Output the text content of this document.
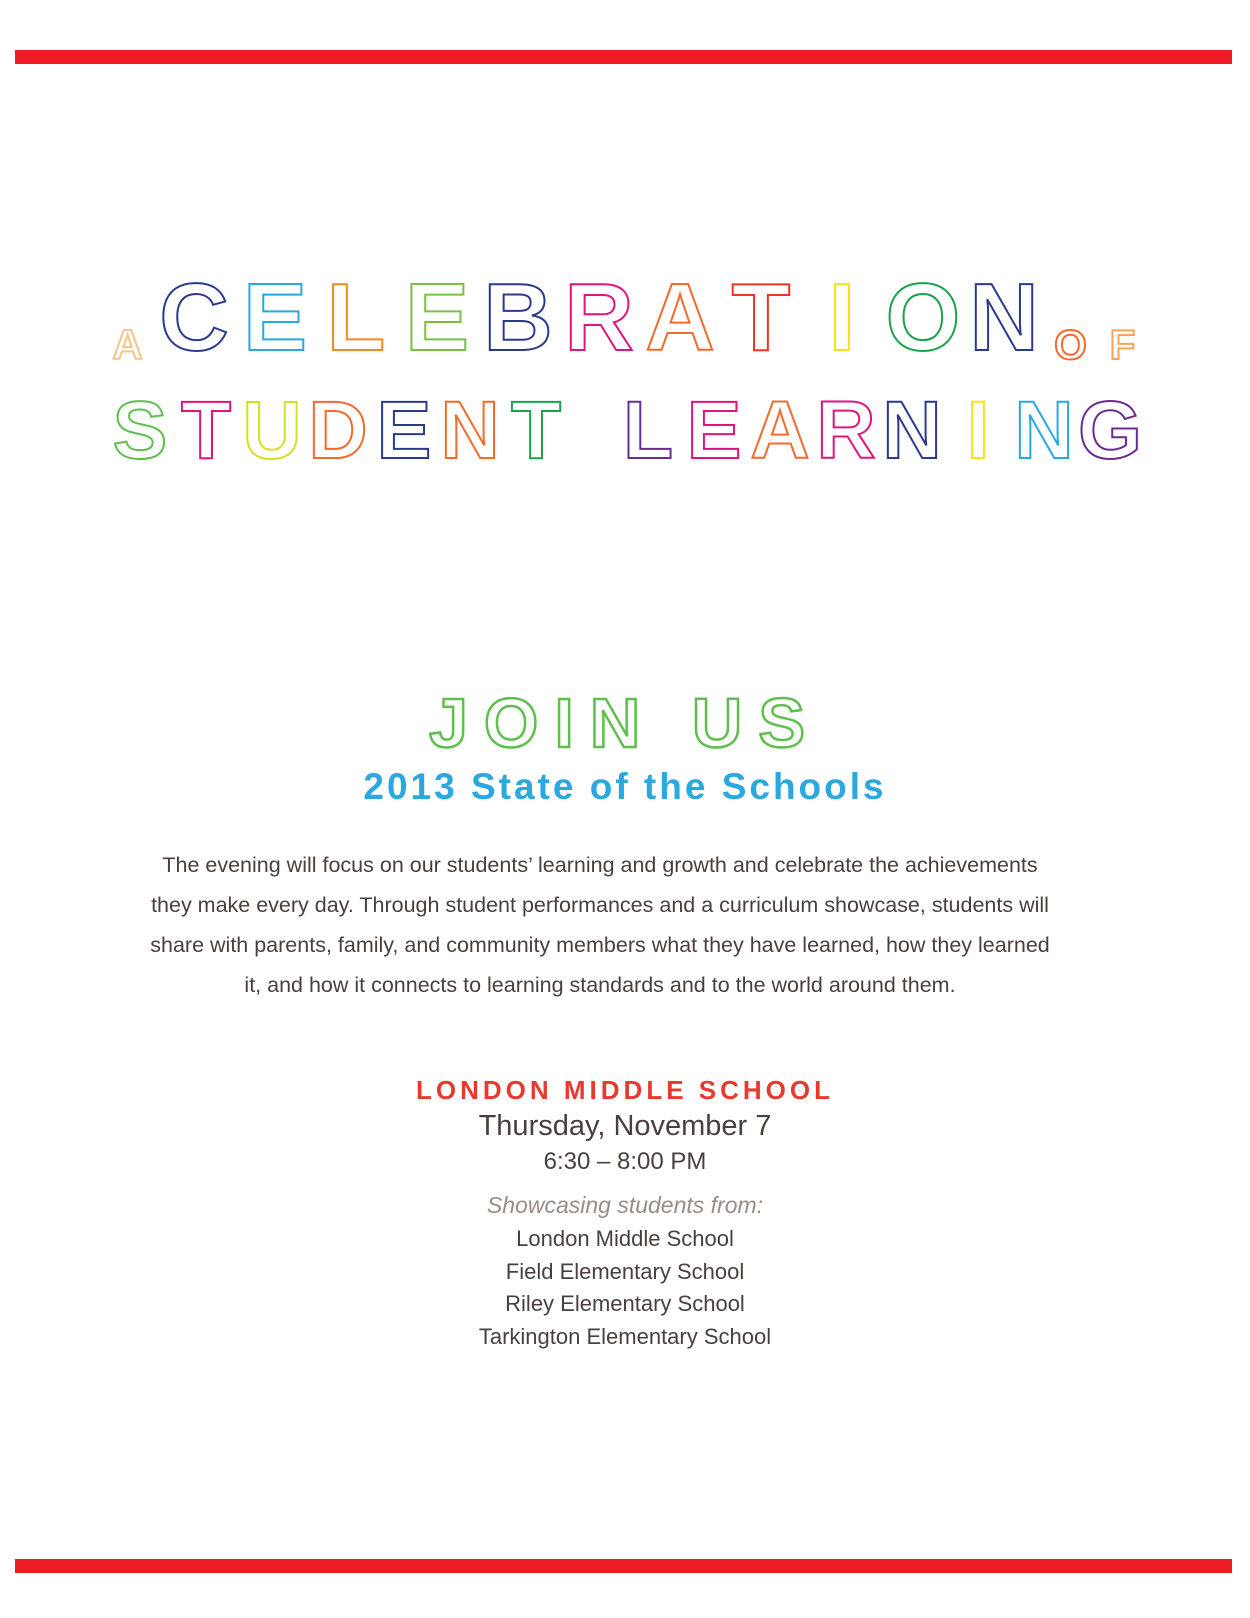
A C E L E B R A T I O N O F
S T U D E N T L E A R N I N G
JOIN US
2013 State of the Schools
The evening will focus on our students’ learning and growth and celebrate the achievements they make every day. Through student performances and a curriculum showcase, students will share with parents, family, and community members what they have learned, how they learned it, and how it connects to learning standards and to the world around them.
LONDON MIDDLE SCHOOL
Thursday, November 7
6:30 – 8:00 PM
Showcasing students from:
London Middle School
Field Elementary School
Riley Elementary School
Tarkington Elementary School
